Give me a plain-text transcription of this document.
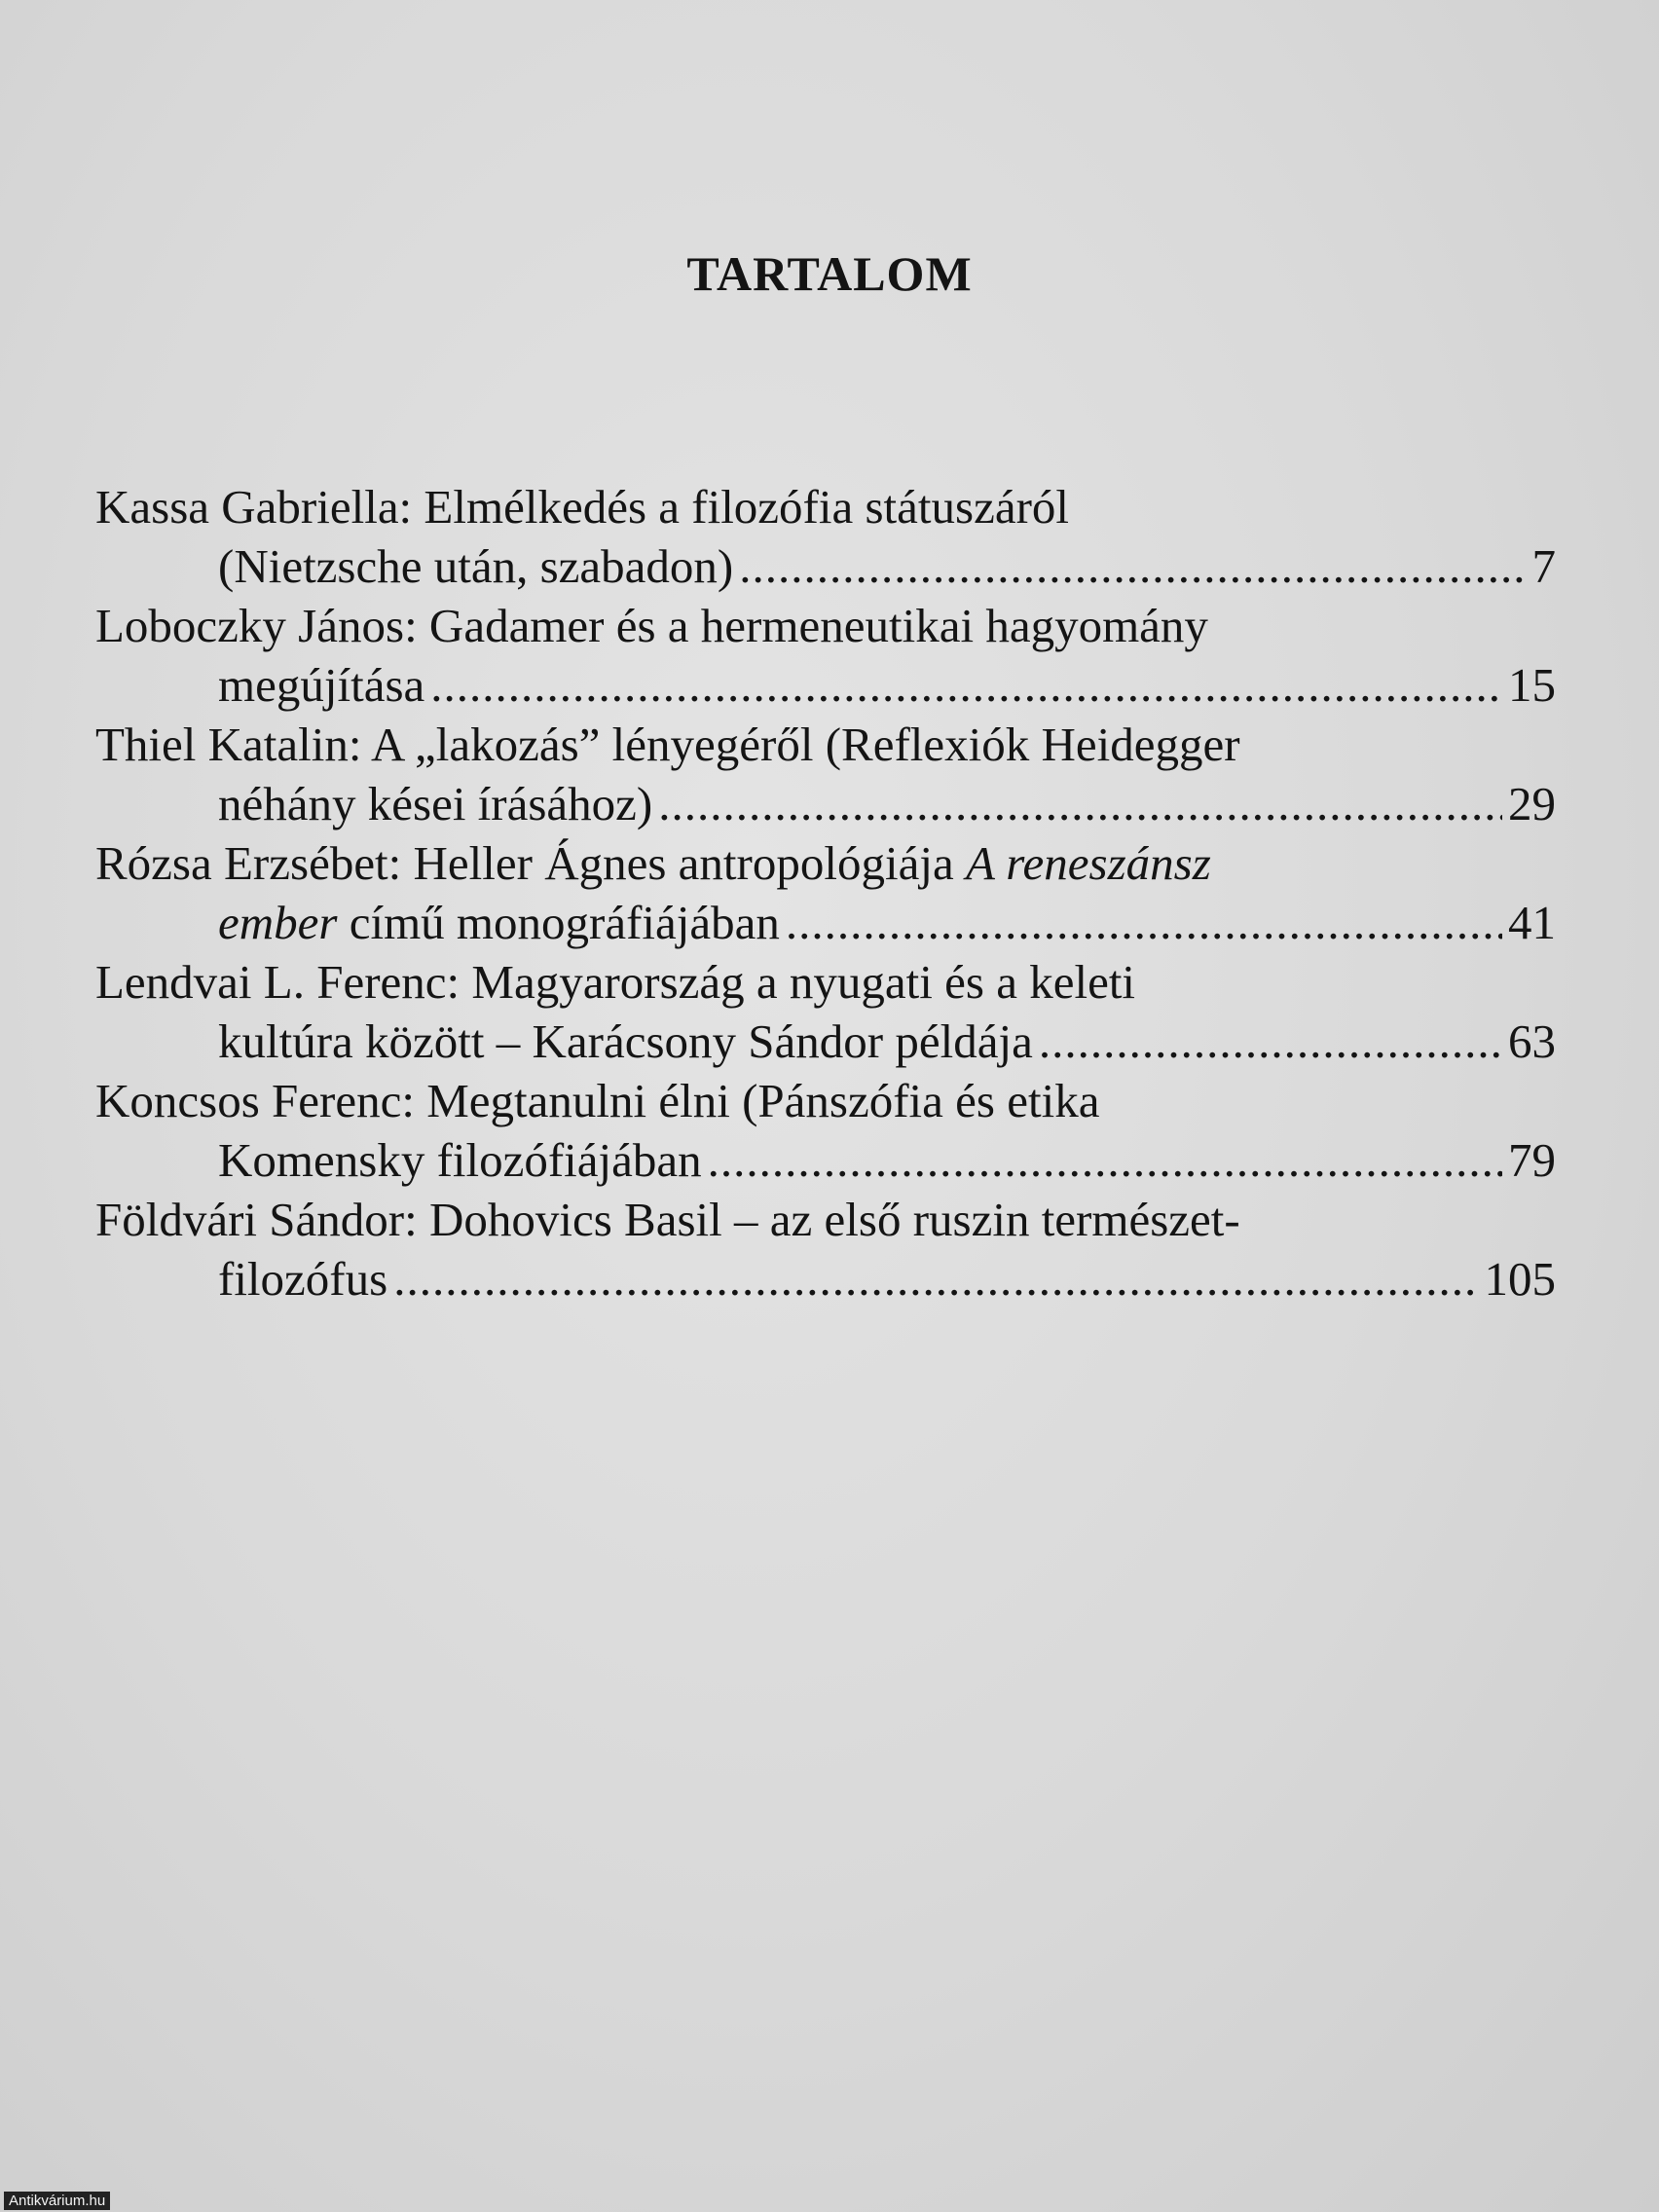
TARTALOM
Kassa Gabriella: Elmélkedés a filozófia státuszáról
(Nietzsche után, szabadon) .....	7
Loboczky János: Gadamer és a hermeneutikai hagyomány
megújítása .....	15
Thiel Katalin: A „lakozás” lényegéről (Reflexiók Heidegger
néhány kései írásához) .....	29
Rózsa Erzsébet: Heller Ágnes antropológiája A reneszánsz
ember című monográfiájában .....	41
Lendvai L. Ferenc: Magyarország a nyugati és a keleti
kultúra között – Karácsony Sándor példája .....	63
Koncsos Ferenc: Megtanulni élni (Pánszófia és etika
Komensky filozófiájában .....	79
Földvári Sándor: Dohovics Basil – az első ruszin természet-
filozófus .....	105
Antikvárium.hu
